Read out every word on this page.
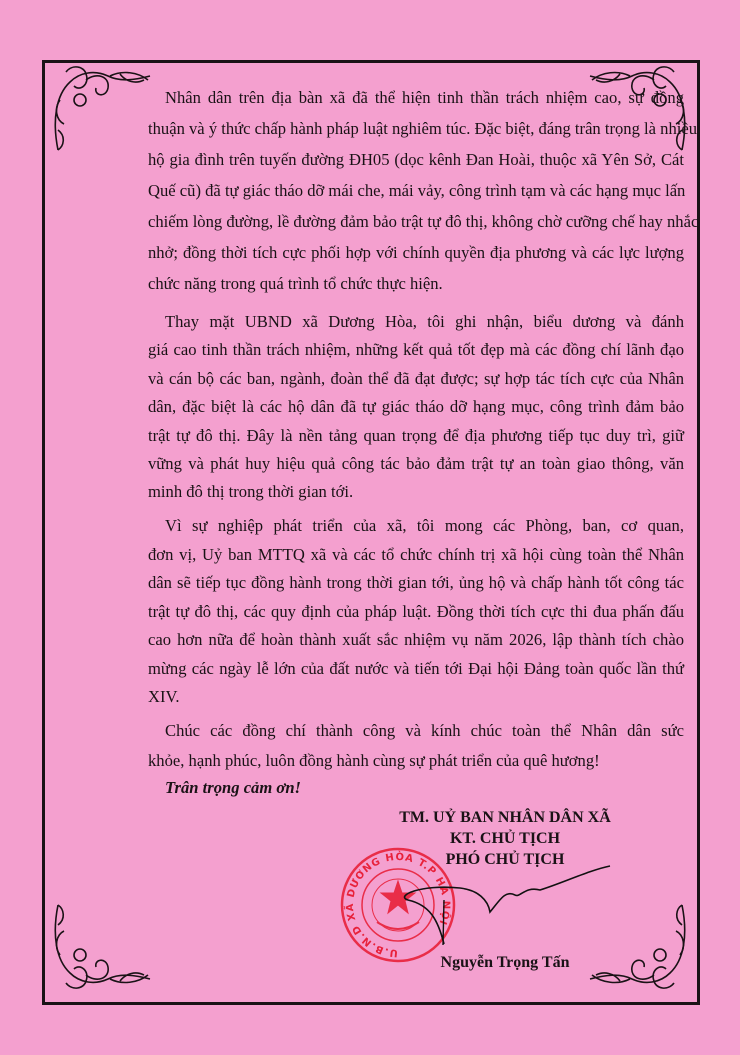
Nhân dân trên địa bàn xã đã thể hiện tinh thần trách nhiệm cao, sự đồng
thuận và ý thức chấp hành pháp luật nghiêm túc. Đặc biệt, đáng trân trọng là nhiều
hộ gia đình trên tuyến đường ĐH05 (dọc kênh Đan Hoài, thuộc xã Yên Sở, Cát
Quế cũ) đã tự giác tháo dỡ mái che, mái vảy, công trình tạm và các hạng mục lấn
chiếm lòng đường, lề đường đảm bảo trật tự đô thị, không chờ cưỡng chế hay nhắc
nhở; đồng thời tích cực phối hợp với chính quyền địa phương và các lực lượng
chức năng trong quá trình tổ chức thực hiện.
Thay mặt UBND xã Dương Hòa, tôi ghi nhận, biểu dương và đánh
giá cao tinh thần trách nhiệm, những kết quả tốt đẹp mà các đồng chí lãnh đạo
và cán bộ các ban, ngành, đoàn thể đã đạt được; sự hợp tác tích cực của Nhân
dân, đặc biệt là các hộ dân đã tự giác tháo dỡ hạng mục, công trình đảm bảo
trật tự đô thị. Đây là nền tảng quan trọng để địa phương tiếp tục duy trì, giữ
vững và phát huy hiệu quả công tác bảo đảm trật tự an toàn giao thông, văn
minh đô thị trong thời gian tới.
Vì sự nghiệp phát triển của xã, tôi mong các Phòng, ban, cơ quan,
đơn vị, Uỷ ban MTTQ xã và các tổ chức chính trị xã hội cùng toàn thể Nhân
dân sẽ tiếp tục đồng hành trong thời gian tới, ủng hộ và chấp hành tốt công tác
trật tự đô thị, các quy định của pháp luật. Đồng thời tích cực thi đua phấn đấu
cao hơn nữa để hoàn thành xuất sắc nhiệm vụ năm 2026, lập thành tích chào
mừng các ngày lễ lớn của đất nước và tiến tới Đại hội Đảng toàn quốc lần thứ
XIV.
Chúc các đồng chí thành công và kính chúc toàn thể Nhân dân sức
khỏe, hạnh phúc, luôn đồng hành cùng sự phát triển của quê hương!
Trân trọng cảm ơn!
U.B.N.D XÃ DƯƠNG HÒA T.P HÀ NỘI
TM. UỶ BAN NHÂN DÂN XÃ
KT. CHỦ TỊCH
PHÓ CHỦ TỊCH
Nguyễn Trọng Tấn
